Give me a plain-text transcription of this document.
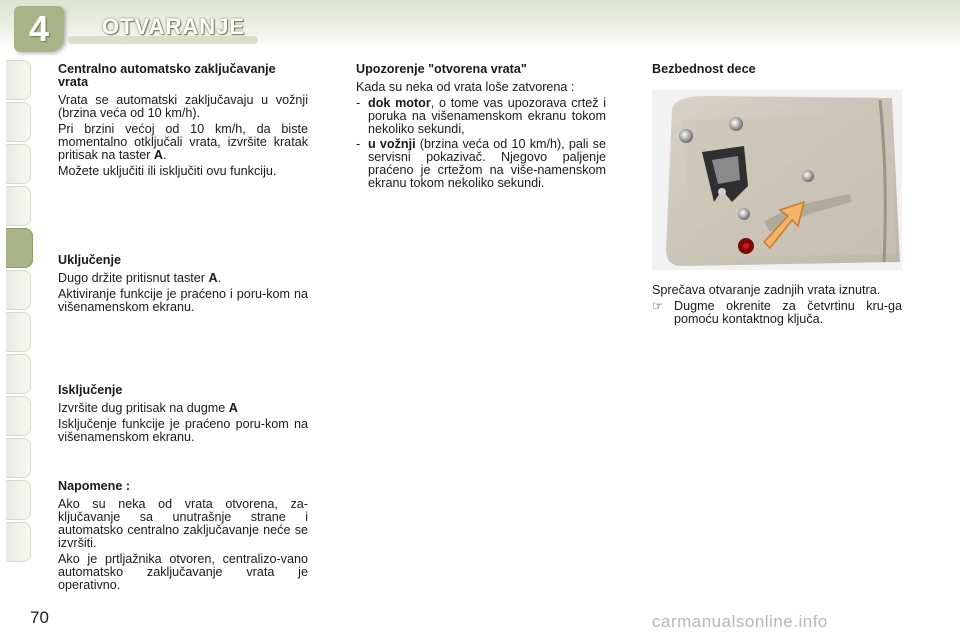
4 OTVARANJE
Centralno automatsko zaključavanje vrata

Vrata se automatski zaključavaju u vožnji (brzina veća od 10 km/h).

Pri brzini većoj od 10 km/h, da biste momentalno otključali vrata, izvršite kratak pritisak na taster A.

Možete uključiti ili isključiti ovu funkciju.

Uključenje

Dugo držite pritisnut taster A.

Aktiviranje funkcije je praćeno i poru-kom na višenamenskom ekranu.

Isključenje

Izvršite dug pritisak na dugme A

Isključenje funkcije je praćeno poru-kom na višenamenskom ekranu.

Napomene :

Ako su neka od vrata otvorena, za-ključavanje sa unutrašnje strane i automatsko centralno zaključavanje neće se izvršiti.

Ako je prtljažnika otvoren, centralizo-vano automatsko zaključavanje vrata je operativno.

Upozorenje "otvorena vrata"

Kada su neka od vrata loše zatvorena :

- dok motor, o tome vas upozorava crtež i poruka na višenamenskom ekranu tokom nekoliko sekundi,
- u vožnji (brzina veća od 10 km/h), pali se servisni pokazivač. Njegovo paljenje praćeno je crtežom na više-namenskom ekranu tokom nekoliko sekundi.
Bezbednost dece

Sprečava otvaranje zadnjih vrata iznutra.

☞ Dugme okrenite za četvrtinu kru-ga pomoću kontaktnog ključa.
70	carmanualsonline.info
